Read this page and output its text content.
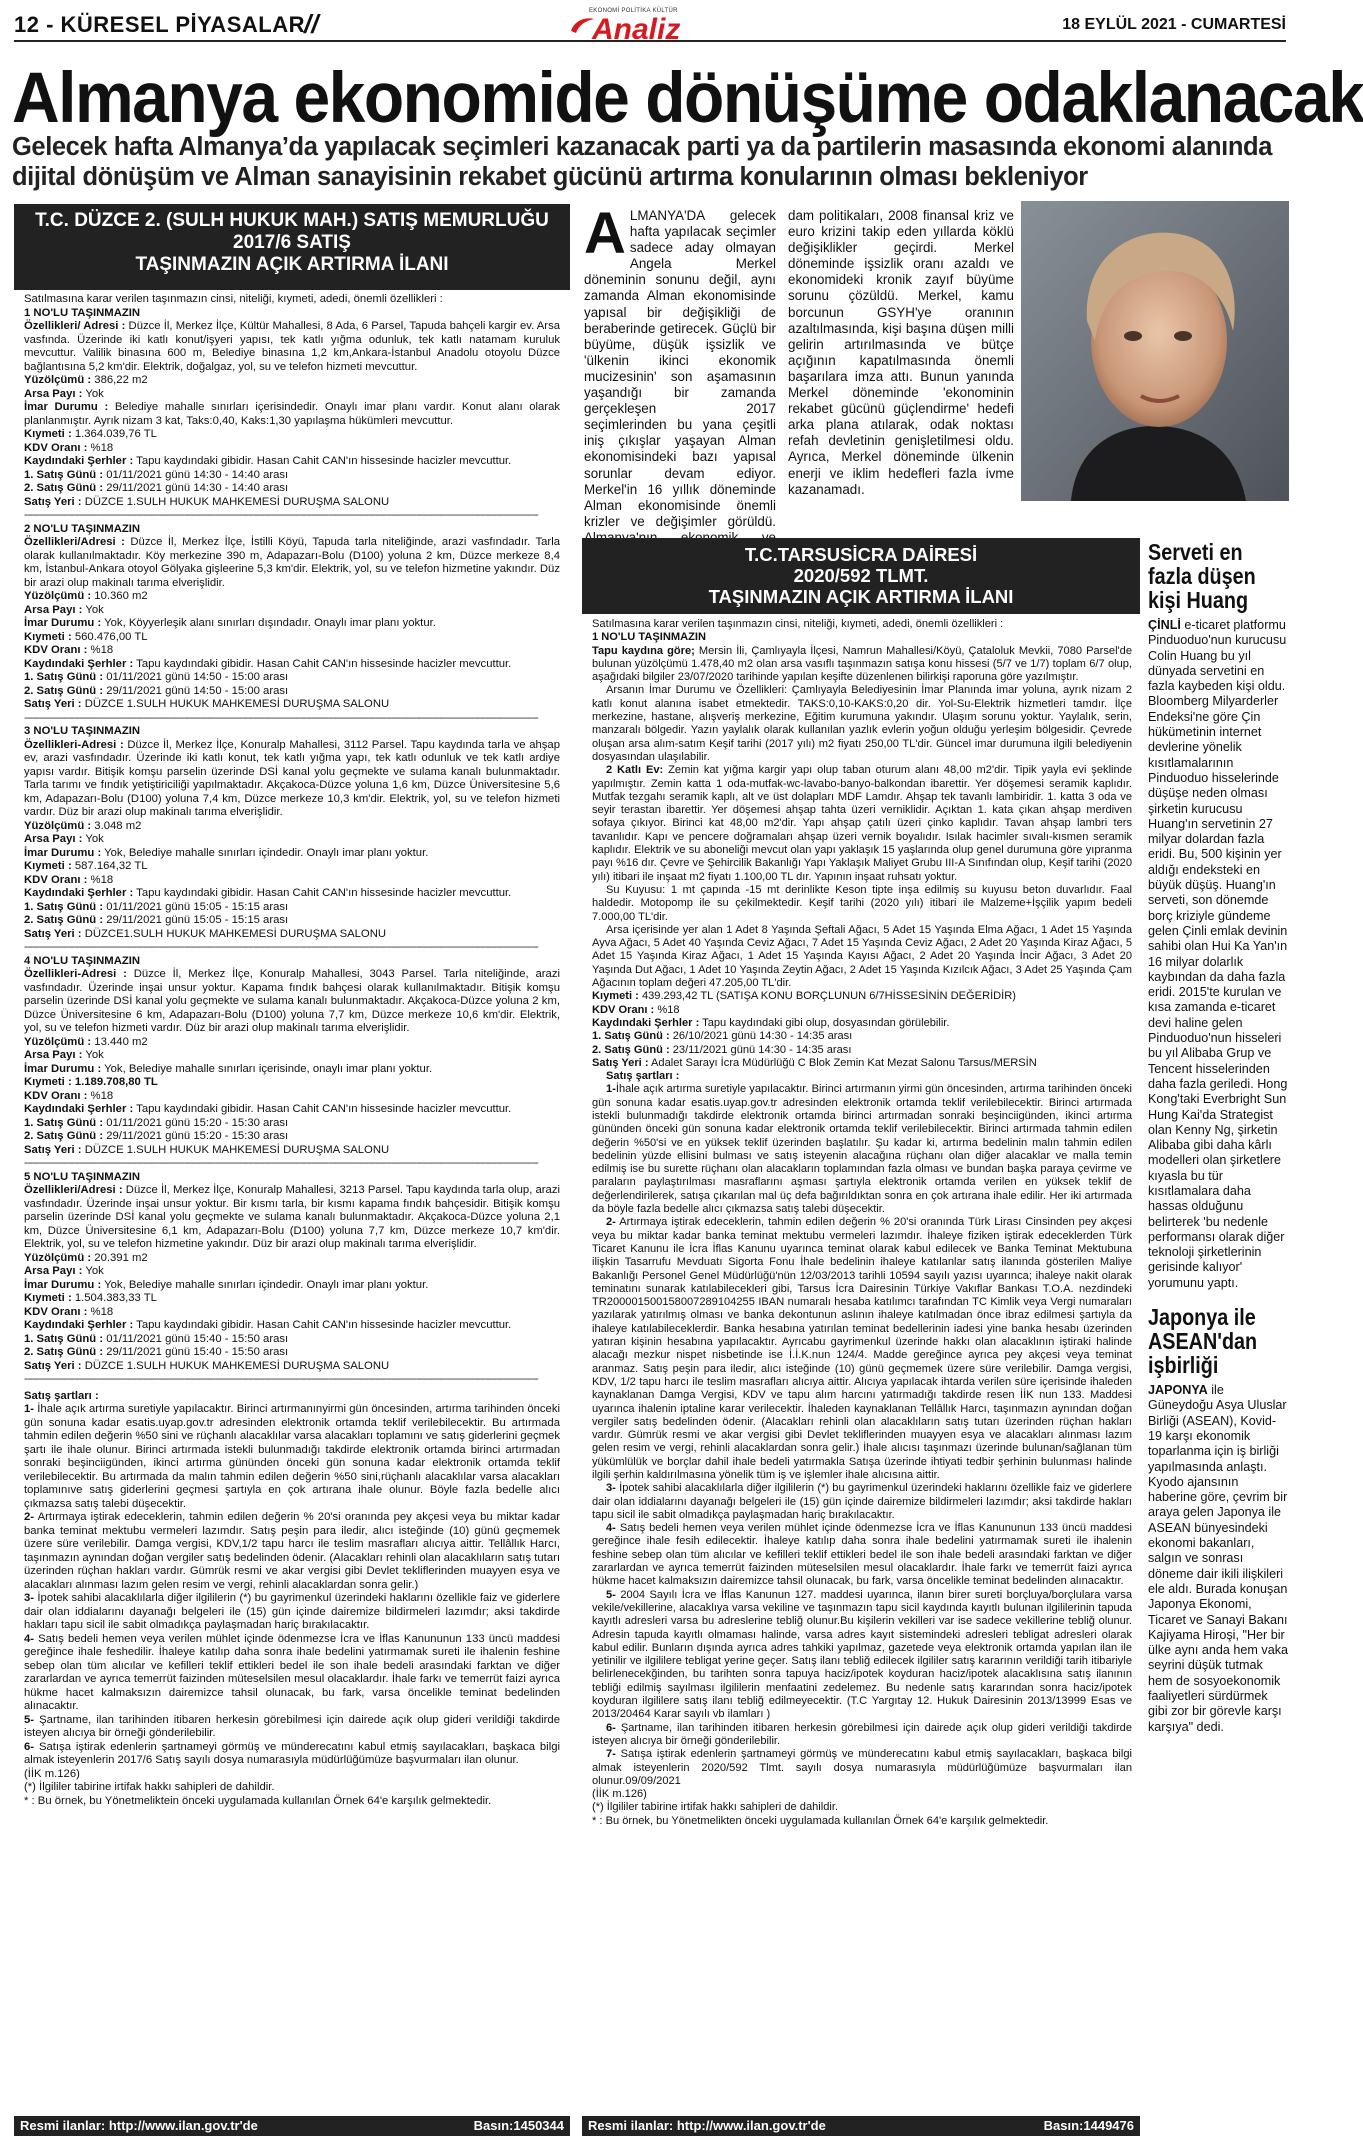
12 - KÜRESEL PİYASALAR //	EKONOMİ POLİTİKA KÜLTÜR
Analiz	18 EYLÜL 2021 - CUMARTESİ
Almanya ekonomide dönüşüme odaklanacak
Gelecek hafta Almanya’da yapılacak seçimleri kazanacak parti ya da partilerin masasında ekonomi alanında dijital dönüşüm ve Alman sanayisinin rekabet gücünü artırma konularının olması bekleniyor
T.C. DÜZCE 2. (SULH HUKUK MAH.) SATIŞ MEMURLUĞU
2017/6 SATIŞ
TAŞINMAZIN AÇIK ARTIRMA İLANI

Satılmasına karar verilen taşınmazın cinsi, niteliği, kıymeti, adedi, önemli özellikleri :

1 NO'LU TAŞINMAZIN

Özellikleri/ Adresi : Düzce İl, Merkez İlçe, Kültür Mahallesi, 8 Ada, 6 Parsel, Tapuda bahçeli kargir ev. Arsa vasfında. Üzerinde iki katlı konut/işyeri yapısı, tek katlı yığma odunluk, tek katlı natamam kuruluk mevcuttur. Valilik binasına 600 m, Belediye binasına 1,2 km,Ankara-İstanbul Anadolu otoyolu Düzce bağlantısına 5,2 km'dir. Elektrik, doğalgaz, yol, su ve telefon hizmeti mevcuttur.

Yüzölçümü : 386,22 m2

Arsa Payı : Yok

İmar Durumu : Belediye mahalle sınırları içerisindedir. Onaylı imar planı vardır. Konut alanı olarak planlanmıştır. Ayrık nizam 3 kat, Taks:0,40, Kaks:1,30 yapılaşma hükümleri mevcuttur.

Kıymeti : 1.364.039,76 TL

KDV Oranı : %18

Kaydındaki Şerhler : Tapu kaydındaki gibidir. Hasan Cahit CAN'ın hissesinde hacizler mevcuttur.

1. Satış Günü : 01/11/2021 günü 14:30 - 14:40 arası

2. Satış Günü : 29/11/2021 günü 14:30 - 14:40 arası

Satış Yeri : DÜZCE 1.SULH HUKUK MAHKEMESİ DURUŞMA SALONU

------------------------------------------------------------------------------------------------------------------------------------------------------------------------------------------

2 NO'LU TAŞINMAZIN

Özellikleri/Adresi : Düzce İl, Merkez İlçe, İstilli Köyü, Tapuda tarla niteliğinde, arazi vasfındadır. Tarla olarak kullanılmaktadır. Köy merkezine 390 m, Adapazarı-Bolu (D100) yoluna 2 km, Düzce merkeze 8,4 km, İstanbul-Ankara otoyol Gölyaka gişleerine 5,3 km'dir. Elektrik, yol, su ve telefon hizmetine yakındır. Düz bir arazi olup makinalı tarıma elverişlidir.

Yüzölçümü : 10.360 m2

Arsa Payı : Yok

İmar Durumu : Yok, Köyyerleşik alanı sınırları dışındadır. Onaylı imar planı yoktur.

Kıymeti : 560.476,00 TL

KDV Oranı : %18

Kaydındaki Şerhler : Tapu kaydındaki gibidir. Hasan Cahit CAN'ın hissesinde hacizler mevcuttur.

1. Satış Günü : 01/11/2021 günü 14:50 - 15:00 arası

2. Satış Günü : 29/11/2021 günü 14:50 - 15:00 arası

Satış Yeri : DÜZCE 1.SULH HUKUK MAHKEMESİ DURUŞMA SALONU

------------------------------------------------------------------------------------------------------------------------------------------------------------------------------------------

3 NO'LU TAŞINMAZIN

Özellikleri-Adresi : Düzce İl, Merkez İlçe, Konuralp Mahallesi, 3112 Parsel. Tapu kaydında tarla ve ahşap ev, arazi vasfındadır. Üzerinde iki katlı konut, tek katlı yığma yapı, tek katlı odunluk ve tek katlı ardiye yapısı vardır. Bitişik komşu parselin üzerinde DSİ kanal yolu geçmekte ve sulama kanalı bulunmaktadır. Tarla tarımı ve fındık yetiştiriciliği yapılmaktadır. Akçakoca-Düzce yoluna 1,6 km, Düzce Üniversitesine 5,6 km, Adapazarı-Bolu (D100) yoluna 7,4 km, Düzce merkeze 10,3 km'dir. Elektrik, yol, su ve telefon hizmeti vardır. Düz bir arazi olup makinalı tarıma elverişlidir.

Yüzölçümü : 3.048 m2

Arsa Payı : Yok

İmar Durumu : Yok, Belediye mahalle sınırları içindedir. Onaylı imar planı yoktur.

Kıymeti : 587.164,32 TL

KDV Oranı : %18

Kaydındaki Şerhler : Tapu kaydındaki gibidir. Hasan Cahit CAN'ın hissesinde hacizler mevcuttur.

1. Satış Günü : 01/11/2021 günü 15:05 - 15:15 arası

2. Satış Günü : 29/11/2021 günü 15:05 - 15:15 arası

Satış Yeri : DÜZCE1.SULH HUKUK MAHKEMESİ DURUŞMA SALONU

------------------------------------------------------------------------------------------------------------------------------------------------------------------------------------------

4 NO'LU TAŞINMAZIN

Özellikleri-Adresi : Düzce İl, Merkez İlçe, Konuralp Mahallesi, 3043 Parsel. Tarla niteliğinde, arazi vasfındadır. Üzerinde inşai unsur yoktur. Kapama fındık bahçesi olarak kullanılmaktadır. Bitişik komşu parselin üzerinde DSİ kanal yolu geçmekte ve sulama kanalı bulunmaktadır. Akçakoca-Düzce yoluna 2 km, Düzce Üniversitesine 6 km, Adapazarı-Bolu (D100) yoluna 7,7 km, Düzce merkeze 10,6 km'dir. Elektrik, yol, su ve telefon hizmeti vardır. Düz bir arazi olup makinalı tarıma elverişlidir.

Yüzölçümü : 13.440 m2

Arsa Payı : Yok

İmar Durumu : Yok, Belediye mahalle sınırları içerisinde, onaylı imar planı yoktur.

Kıymeti : 1.189.708,80 TL

KDV Oranı : %18

Kaydındaki Şerhler : Tapu kaydındaki gibidir. Hasan Cahit CAN'ın hissesinde hacizler mevcuttur.

1. Satış Günü : 01/11/2021 günü 15:20 - 15:30 arası

2. Satış Günü : 29/11/2021 günü 15:20 - 15:30 arası

Satış Yeri : DÜZCE 1.SULH HUKUK MAHKEMESİ DURUŞMA SALONU

------------------------------------------------------------------------------------------------------------------------------------------------------------------------------------------

5 NO'LU TAŞINMAZIN

Özellikleri/Adresi : Düzce İl, Merkez İlçe, Konuralp Mahallesi, 3213 Parsel. Tapu kaydında tarla olup, arazi vasfındadır. Üzerinde inşai unsur yoktur. Bir kısmı tarla, bir kısmı kapama fındık bahçesidir. Bitişik komşu parselin üzerinde DSİ kanal yolu geçmekte ve sulama kanalı bulunmaktadır. Akçakoca-Düzce yoluna 2,1 km, Düzce Üniversitesine 6,1 km, Adapazarı-Bolu (D100) yoluna 7,7 km, Düzce merkeze 10,7 km'dir. Elektrik, yol, su ve telefon hizmetine yakındır. Düz bir arazi olup makinalı tarıma elverişlidir.

Yüzölçümü : 20.391 m2

Arsa Payı : Yok

İmar Durumu : Yok, Belediye mahalle sınırları içindedir. Onaylı imar planı yoktur.

Kıymeti : 1.504.383,33 TL

KDV Oranı : %18

Kaydındaki Şerhler : Tapu kaydındaki gibidir. Hasan Cahit CAN'ın hissesinde hacizler mevcuttur.

1. Satış Günü : 01/11/2021 günü 15:40 - 15:50 arası

2. Satış Günü : 29/11/2021 günü 15:40 - 15:50 arası

Satış Yeri : DÜZCE 1.SULH HUKUK MAHKEMESİ DURUŞMA SALONU

------------------------------------------------------------------------------------------------------------------------------------------------------------------------------------------

Satış şartları :

1- İhale açık artırma suretiyle yapılacaktır. Birinci artırmanınyirmi gün öncesinden, artırma tarihinden önceki gün sonuna kadar esatis.uyap.gov.tr adresinden elektronik ortamda teklif verilebilecektir. Bu artırmada tahmin edilen değerin %50 sini ve rüçhanlı alacaklılar varsa alacakları toplamını ve satış giderlerini geçmek şartı ile ihale olunur. Birinci artırmada istekli bulunmadığı takdirde elektronik ortamda birinci artırmadan sonraki beşinciigünden, ikinci artırma gününden önceki gün sonuna kadar elektronik ortamda teklif verilebilecektir. Bu artırmada da malın tahmin edilen değerin %50 sini,rüçhanlı alacaklılar varsa alacakları toplamınıve satış giderlerini geçmesi şartıyla en çok artırana ihale olunur. Böyle fazla bedelle alıcı çıkmazsa satış talebi düşecektir.

2- Artırmaya iştirak edeceklerin, tahmin edilen değerin % 20'si oranında pey akçesi veya bu miktar kadar banka teminat mektubu vermeleri lazımdır. Satış peşin para iledir, alıcı isteğinde (10) günü geçmemek üzere süre verilebilir. Damga vergisi, KDV,1/2 tapu harcı ile teslim masrafları alıcıya aittir. Tellâllık Harcı, taşınmazın aynından doğan vergiler satış bedelinden ödenir. (Alacakları rehinli olan alacaklıların satış tutarı üzerinden rüçhan hakları vardır. Gümrük resmi ve akar vergisi gibi Devlet tekliflerinden muayyen esya ve alacakları alınması lazım gelen resim ve vergi, rehinli alacaklardan sonra gelir.)

3- İpotek sahibi alacaklılarla diğer ilgililerin (*) bu gayrimenkul üzerindeki haklarını özellikle faiz ve giderlere dair olan iddialarını dayanağı belgeleri ile (15) gün içinde dairemize bildirmeleri lazımdır; aksi takdirde hakları tapu sicil ile sabit olmadıkça paylaşmadan hariç bırakılacaktır.

4- Satış bedeli hemen veya verilen mühlet içinde ödenmezse İcra ve İflas Kanununun 133 üncü maddesi gereğince ihale feshedilir. İhaleye katılıp daha sonra ihale bedelini yatırmamak sureti ile ihalenin feshine sebep olan tüm alıcılar ve kefilleri teklif ettikleri bedel ile son ihale bedeli arasındaki farktan ve diğer zararlardan ve ayrıca temerrüt faizinden müteselsilen mesul olacaklardır. İhale farkı ve temerrüt faizi ayrıca hükme hacet kalmaksızın dairemizce tahsil olunacak, bu fark, varsa öncelikle teminat bedelinden alınacaktır.

5- Şartname, ilan tarihinden itibaren herkesin görebilmesi için dairede açık olup gideri verildiği takdirde isteyen alıcıya bir örneği gönderilebilir.

6- Satışa iştirak edenlerin şartnameyi görmüş ve münderecatını kabul etmiş sayılacakları, başkaca bilgi almak isteyenlerin 2017/6 Satış sayılı dosya numarasıyla müdürlüğümüze başvurmaları ilan olunur.

(İİK m.126)

(*) İlgililer tabirine irtifak hakkı sahipleri de dahildir.

* : Bu örnek, bu Yönetmeliktein önceki uygulamada kullanılan Örnek 64'e karşılık gelmektedir.

Resmi ilanlar: http://www.ilan.gov.tr'de	Basın:1450344
ALMANYA'DA gelecek hafta yapılacak seçimler sadece aday olmayan Angela Merkel döneminin sonunu değil, aynı zamanda Alman ekonomisinde yapısal bir değişikliği de beraberinde getirecek. Güçlü bir büyüme, düşük işsizlik ve 'ülkenin ikinci ekonomik mucizesinin' son aşamasının yaşandığı bir zamanda gerçekleşen 2017 seçimlerinden bu yana çeşitli iniş çıkışlar yaşayan Alman ekonomisindeki bazı yapısal sorunlar devam ediyor. Merkel'in 16 yıllık döneminde Alman ekonomisinde önemli krizler ve değişimler görüldü.
dam politikaları, 2008 finansal kriz ve euro krizini takip eden yıllarda köklü değişiklikler geçirdi. Merkel döneminde işsizlik oranı azaldı ve ekonomideki kronik zayıf büyüme sorunu çözüldü. Merkel, kamu borcunun GSYH'ye oranının azaltılmasında, kişi başına düşen milli gelirin artırılmasında ve bütçe açığının kapatılmasında önemli başarılara imza attı. Bunun yanında Merkel döneminde 'ekonominin rekabet gücünü güçlendirme' hedefi arka plana atılarak, odak noktası refah devletinin genişletilmesi oldu. Ayrıca, Merkel döneminde ülkenin enerji ve iklim hedefleri fazla ivme kazanamadı.
T.C.TARSUSİCRA DAİRESİ
2020/592 TLMT.
TAŞINMAZIN AÇIK ARTIRMA İLANI

Satılmasına karar verilen taşınmazın cinsi, niteliği, kıymeti, adedi, önemli özellikleri :

1 NO'LU TAŞINMAZIN

Tapu kaydına göre; Mersin İli, Çamlıyayla İlçesi, Namrun Mahallesi/Köyü, Çataloluk Mevkii, 7080 Parsel'de bulunan yüzölçümü 1.478,40 m2 olan arsa vasıflı taşınmazın satışa konu hissesi (5/7 ve 1/7) toplam 6/7 olup, aşağıdaki bilgiler 23/07/2020 tarihinde yapılan keşifte düzenlenen bilirkişi raporuna göre yazılmıştır.

Arsanın İmar Durumu ve Özellikleri: Çamlıyayla Belediyesinin İmar Planında imar yoluna, ayrık nizam 2 katlı konut alanına isabet etmektedir. TAKS:0,10-KAKS:0,20 dir. Yol-Su-Elektrik hizmetleri tamdır. İlçe merkezine, hastane, alışveriş merkezine, Eğitim kurumuna yakındır. Ulaşım sorunu yoktur. Yaylalık, serin, manzaralı bölgedir. Yazın yaylalık olarak kullanılan yazlık evlerin yoğun olduğu yerleşim bölgesidir. Çevrede oluşan arsa alım-satım Keşif tarihi (2017 yılı) m2 fiyatı 250,00 TL'dir. Güncel imar durumuna ilgili belediyenin dosyasından ulaşılabilir.

2 Katlı Ev: Zemin kat yığma kargir yapı olup taban oturum alanı 48,00 m2'dir. Tipik yayla evi şeklinde yapılmıştır. Zemin katta 1 oda-mutfak-wc-lavabo-banyo-balkondan ibarettir. Yer döşemesi seramik kaplıdır. Mutfak tezgahı seramik kaplı, alt ve üst dolapları MDF Lamdır. Ahşap tek tavanlı lambiridir. 1. katta 3 oda ve seyir terastan ibarettir. Yer döşemesi ahşap tahta üzeri verniklidir. Açıktan 1. kata çıkan ahşap merdiven sofaya çıkıyor. Birinci kat 48,00 m2'dir. Yapı ahşap çatılı üzeri çinko kaplıdır. Tavan ahşap lambri ters tavanlıdır. Kapı ve pencere doğramaları ahşap üzeri vernik boyalıdır. Isılak hacimler sıvalı-kısmen seramik kaplıdır. Elektrik ve su aboneliği mevcut olan yapı yaklaşık 15 yaşlarında olup genel durumuna göre yıpranma payı %16 dır. Çevre ve Şehircilik Bakanlığı Yapı Yaklaşık Maliyet Grubu III-A Sınıfından olup, Keşif tarihi (2020 yılı) itibari ile inşaat m2 fiyatı 1.100,00 TL dır. Yapının inşaat ruhsatı yoktur.

Su Kuyusu: 1 mt çapında -15 mt derinlikte Keson tipte inşa edilmiş su kuyusu beton duvarlıdır. Faal haldedir. Motopomp ile su çekilmektedir. Keşif tarihi (2020 yılı) itibari ile Malzeme+İşçilik yapım bedeli 7.000,00 TL'dir.

Arsa içerisinde yer alan 1 Adet 8 Yaşında Şeftali Ağacı, 5 Adet 15 Yaşında Elma Ağacı, 1 Adet 15 Yaşında Ayva Ağacı, 5 Adet 40 Yaşında Ceviz Ağacı, 7 Adet 15 Yaşında Ceviz Ağacı, 2 Adet 20 Yaşında Kiraz Ağacı, 5 Adet 15 Yaşında Kiraz Ağacı, 1 Adet 15 Yaşında Kayısı Ağacı, 2 Adet 20 Yaşında İncir Ağacı, 3 Adet 20 Yaşında Dut Ağacı, 1 Adet 10 Yaşında Zeytin Ağacı, 2 Adet 15 Yaşında Kızılcık Ağacı, 3 Adet 25 Yaşında Çam Ağacının toplam değeri 47.205,00 TL'dir.

Kıymeti : 439.293,42 TL (SATIŞA KONU BORÇLUNUN 6/7HİSSESİNİN DEĞERİDİR)

KDV Oranı : %18

Kaydındaki Şerhler : Tapu kaydındaki gibi olup, dosyasından görülebilir.

1. Satış Günü : 26/10/2021 günü 14:30 - 14:35 arası

2. Satış Günü : 23/11/2021 günü 14:30 - 14:35 arası

Satış Yeri : Adalet Sarayı İcra Müdürlüğü C Blok Zemin Kat Mezat Salonu Tarsus/MERSİN

Satış şartları :

1-İhale açık artırma suretiyle yapılacaktır. Birinci artırmanın yirmi gün öncesinden, artırma tarihinden önceki gün sonuna kadar esatis.uyap.gov.tr adresinden elektronik ortamda teklif verilebilecektir. Birinci artırmada istekli bulunmadığı takdirde elektronik ortamda birinci artırmadan sonraki beşinciigünden, ikinci artırma gününden önceki gün sonuna kadar elektronik ortamda teklif verilebilecektir. Birinci artırmada tahmin edilen değerin %50'si ve en yüksek teklif üzerinden başlatılır. Şu kadar ki, artırma bedelinin malın tahmin edilen bedelinin yüzde ellisini bulması ve satış isteyenin alacağına rüçhanı olan diğer alacaklar ve malla temin edilmiş ise bu surette rüçhanı olan alacakların toplamından fazla olması ve bundan başka paraya çevirme ve paraların paylaştırılması masraflarını aşması şartıyla elektronik ortamda verilen en yüksek teklif de değerlendirilerek, satışa çıkarılan mal üç defa bağırıldıktan sonra en çok artırana ihale edilir. Her iki artırmada da böyle fazla bedelle alıcı çıkmazsa satış talebi düşecektir.

2- Artırmaya iştirak edeceklerin, tahmin edilen değerin % 20'si oranında Türk Lirası Cinsinden pey akçesi veya bu miktar kadar banka teminat mektubu vermeleri lazımdır. İhaleye fiziken iştirak edeceklerden Türk Ticaret Kanunu ile İcra İflas Kanunu uyarınca teminat olarak kabul edilecek ve Banka Teminat Mektubuna ilişkin Tasarrufu Mevduatı Sigorta Fonu İhale bedelinin ihaleye katılanlar satış ilanında gösterilen Maliye Bakanlığı Personel Genel Müdürlüğü'nün 12/03/2013 tarihli 10594 sayılı yazısı uyarınca; ihaleye nakit olarak teminatını sunarak katılabilecekleri gibi, Tarsus İcra Dairesinin Türkiye Vakıflar Bankası T.O.A. nezdindeki TR200001500158007289104255 IBAN numaralı hesaba katılımcı tarafından TC Kimlik veya Vergi numaraları yazılarak yatırılmış olması ve banka dekontunun aslının ihaleye katılmadan önce ibraz edilmesi şartıyla da ihaleye katılabileceklerdir. Banka hesabına yatırılan teminat bedellerinin iadesi yine banka hesabı üzerinden yatıran kişinin hesabına yapılacaktır. Ayrıcabu gayrimenkul üzerinde hakkı olan alacaklının iştiraki halinde alacağı mezkur nispet nisbetinde ise İ.İ.K.nun 124/4. Madde gereğince ayrıca pey akçesi veya teminat aranmaz. Satış peşin para iledir, alıcı isteğinde (10) günü geçmemek üzere süre verilebilir. Damga vergisi, KDV, 1/2 tapu harcı ile teslim masrafları alıcıya aittir. Alıcıya yapılacak ihtarda verilen süre içerisinde ihaleden kaynaklanan Damga Vergisi, KDV ve tapu alım harcını yatırmadığı takdirde resen İİK nun 133. Maddesi uyarınca ihalenin iptaline karar verilecektir. İhaleden kaynaklanan Tellâllık Harcı, taşınmazın aynından doğan vergiler satış bedelinden ödenir. (Alacakları rehinli olan alacaklıların satış tutarı üzerinden rüçhan hakları vardır. Gümrük resmi ve akar vergisi gibi Devlet tekliflerinden muayyen esya ve alacakları alınması lazım gelen resim ve vergi, rehinli alacaklardan sonra gelir.) İhale alıcısı taşınmazı üzerinde bulunan/sağlanan tüm yükümlülük ve borçlar dahil ihale bedeli yatırmakla Satışa üzerinde ihtiyati tedbir şerhinin bulunması halinde ilgili şerhin kaldırılmasına yönelik tüm iş ve işlemler ihale alıcısına aittir.

3- İpotek sahibi alacaklılarla diğer ilgililerin (*) bu gayrimenkul üzerindeki haklarını özellikle faiz ve giderlere dair olan iddialarını dayanağı belgeleri ile (15) gün içinde dairemize bildirmeleri lazımdır; aksi takdirde hakları tapu sicil ile sabit olmadıkça paylaşmadan hariç bırakılacaktır.

4- Satış bedeli hemen veya verilen mühlet içinde ödenmezse İcra ve İflas Kanununun 133 üncü maddesi gereğince ihale fesih edilecektir. İhaleye katılıp daha sonra ihale bedelini yatırmamak sureti ile ihalenin feshine sebep olan tüm alıcılar ve kefilleri teklif ettikleri bedel ile son ihale bedeli arasındaki farktan ve diğer zararlardan ve ayrıca temerrüt faizinden müteselsilen mesul olacaklardır. İhale farkı ve temerrüt faizi ayrıca hükme hacet kalmaksızın dairemizce tahsil olunacak, bu fark, varsa öncelikle teminat bedelinden alınacaktır.

5- 2004 Sayılı İcra ve İflas Kanunun 127. maddesi uyarınca, ilanın birer sureti borçluya/borçlulara varsa vekile/vekillerine, alacaklıya varsa vekiline ve taşınmazın tapu sicil kaydında kayıtlı bulunan ilgililerinin tapuda kayıtlı adresleri varsa bu adreslerine tebliğ olunur.Bu kişilerin vekilleri var ise sadece vekillerine tebliğ olunur. Adresin tapuda kayıtlı olmaması halinde, varsa adres kayıt sistemindeki adresleri tebligat adresleri olarak kabul edilir. Bunların dışında ayrıca adres tahkiki yapılmaz, gazetede veya elektronik ortamda yapılan ilan ile yetinilir ve ilgililere tebligat yerine geçer. Satış ilanı tebliğ edilecek ilgililer satış kararının verildiği tarih itibariyle belirlenecekğinden, bu tarihten sonra tapuya haciz/ipotek koyduran haciz/ipotek alacaklısına satış ilanının tebliği edilmiş sayılması ilgililerin menfaatini zedelemez. Bu nedenle satış kararından sonra haciz/ipotek koyduran ilgililere satış ilanı tebliğ edilmeyecektir. (T.C Yargıtay 12. Hukuk Dairesinin 2013/13999 Esas ve 2013/20464 Karar sayılı vb ilamları )

6- Şartname, ilan tarihinden itibaren herkesin görebilmesi için dairede açık olup gideri verildiği takdirde isteyen alıcıya bir örneği gönderilebilir.

7- Satışa iştirak edenlerin şartnameyi görmüş ve münderecatını kabul etmiş sayılacakları, başkaca bilgi almak isteyenlerin 2020/592 Tlmt. sayılı dosya numarasıyla müdürlüğümüze başvurmaları ilan olunur.09/09/2021

(İİK m.126)

(*) İlgililer tabirine irtifak hakkı sahipleri de dahildir.

* : Bu örnek, bu Yönetmelikten önceki uygulamada kullanılan Örnek 64'e karşılık gelmektedir.

Resmi ilanlar: http://www.ilan.gov.tr'de	Basın:1449476
Serveti en fazla düşen kişi Huang
ÇİNLİ e-ticaret platformu Pinduoduo'nun kurucusu Colin Huang bu yıl dünyada servetini en fazla kaybeden kişi oldu. Bloomberg Milyarderler Endeksi'ne göre Çin hükümetinin internet devlerine yönelik kısıtlamalarının Pinduoduo hisselerinde düşüşe neden olması şirketin kurucusu Huang'ın servetinin 27 milyar dolardan fazla eridi. Bu, 500 kişinin yer aldığı endeksteki en büyük düşüş. Huang'ın serveti, son dönemde borç kriziyle gündeme gelen Çinli emlak devinin sahibi olan Hui Ka Yan'ın 16 milyar dolarlık kaybından da daha fazla eridi. 2015'te kurulan ve kısa zamanda e-ticaret devi haline gelen Pinduoduo'nun hisseleri bu yıl Alibaba Grup ve Tencent hisselerinden daha fazla geriledi. Hong Kong'taki Everbright Sun Hung Kai'da Strategist olan Kenny Ng, şirketin Alibaba gibi daha kârlı modelleri olan şirketlere kıyasla bu tür kısıtlamalara daha hassas olduğunu belirterek 'bu nedenle performansı olarak diğer teknoloji şirketlerinin gerisinde kalıyor' yorumunu yaptı.
Japonya ile ASEAN'dan işbirliği
JAPONYA ile Güneydoğu Asya Uluslar Birliği (ASEAN), Kovid-19 karşı ekonomik toparlanma için iş birliği yapılmasında anlaştı. Kyodo ajansının haberine göre, çevrim bir araya gelen Japonya ile ASEAN bünyesindeki ekonomi bakanları, salgın ve sonrası döneme dair ikili ilişkileri ele aldı. Burada konuşan Japonya Ekonomi, Ticaret ve Sanayi Bakanı Kajiyama Hiroşi, "Her bir ülke aynı anda hem vaka seyrini düşük tutmak hem de sosyoekonomik faaliyetleri sürdürmek gibi zor bir görevle karşı karşıya" dedi.
